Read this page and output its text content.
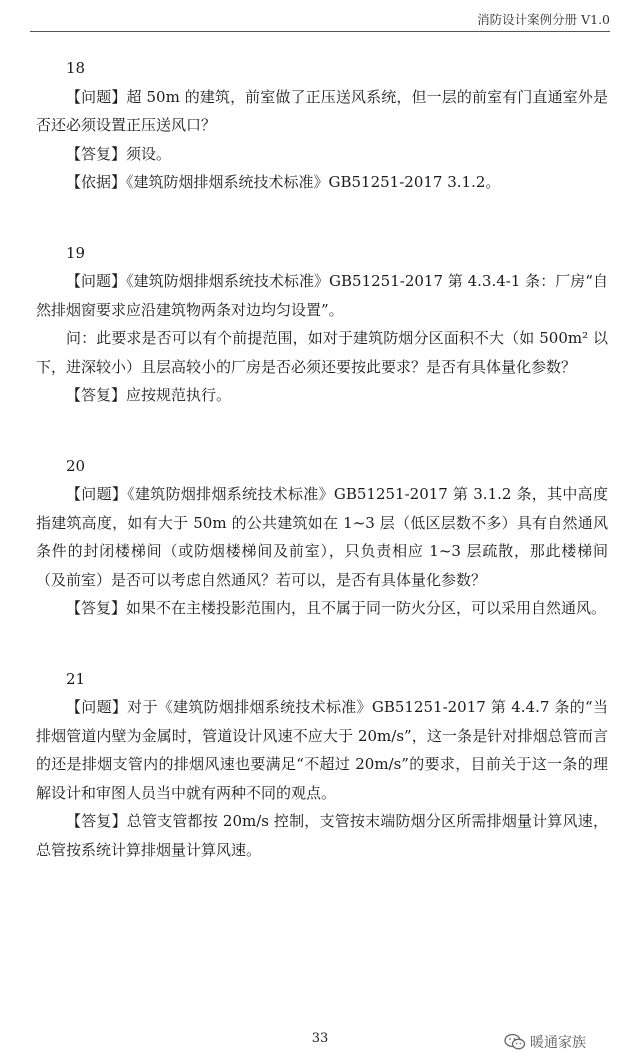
消防设计案例分册 V1.0
18

【问题】超 50m 的建筑，前室做了正压送风系统，但一层的前室有门直通室外是否还必须设置正压送风口？

【答复】须设。

【依据】《建筑防烟排烟系统技术标准》GB51251-2017 3.1.2。

19

【问题】《建筑防烟排烟系统技术标准》GB51251-2017 第 4.3.4-1 条：厂房“自然排烟窗要求应沿建筑物两条对边均匀设置”。

问：此要求是否可以有个前提范围，如对于建筑防烟分区面积不大（如 500m² 以下，进深较小）且层高较小的厂房是否必须还要按此要求？是否有具体量化参数？

【答复】应按规范执行。

20

【问题】《建筑防烟排烟系统技术标准》GB51251-2017 第 3.1.2 条，其中高度指建筑高度，如有大于 50m 的公共建筑如在 1~3 层（低区层数不多）具有自然通风条件的封闭楼梯间（或防烟楼梯间及前室），只负责相应 1~3 层疏散，那此楼梯间（及前室）是否可以考虑自然通风？若可以，是否有具体量化参数？

【答复】如果不在主楼投影范围内，且不属于同一防火分区，可以采用自然通风。

21

【问题】对于《建筑防烟排烟系统技术标准》GB51251-2017 第 4.4.7 条的“当排烟管道内壁为金属时，管道设计风速不应大于 20m/s”，这一条是针对排烟总管而言的还是排烟支管内的排烟风速也要满足“不超过 20m/s”的要求，目前关于这一条的理解设计和审图人员当中就有两种不同的观点。

【答复】总管支管都按 20m/s 控制，支管按末端防烟分区所需排烟量计算风速，总管按系统计算排烟量计算风速。

33	暖通家族
